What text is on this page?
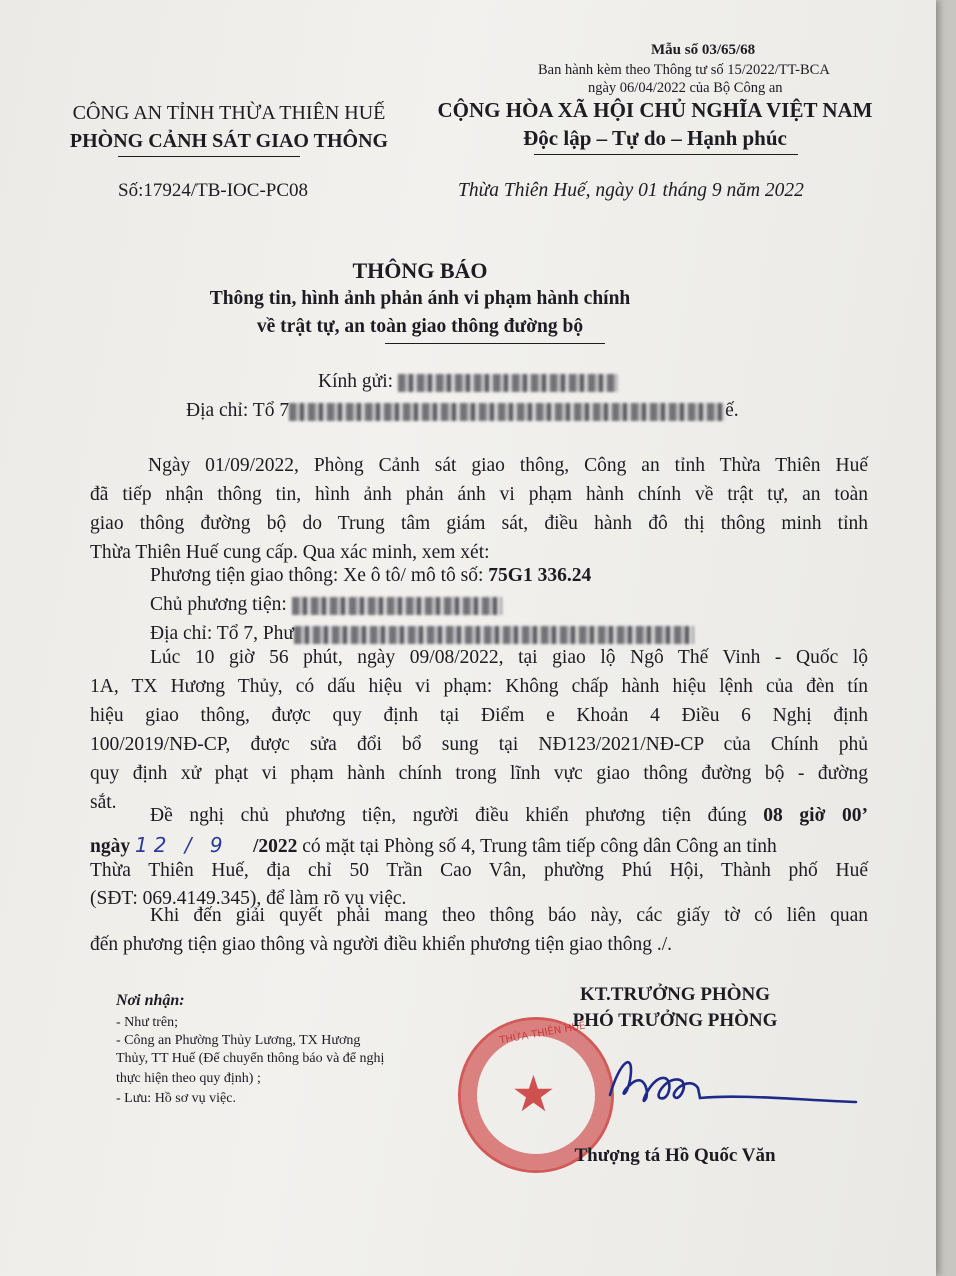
Mẫu số 03/65/68
Ban hành kèm theo Thông tư số 15/2022/TT-BCA
ngày 06/04/2022 của Bộ Công an
CÔNG AN TỈNH THỪA THIÊN HUẾ
PHÒNG CẢNH SÁT GIAO THÔNG
Số:17924/TB-IOC-PC08
CỘNG HÒA XÃ HỘI CHỦ NGHĨA VIỆT NAM
Độc lập – Tự do – Hạnh phúc
Thừa Thiên Huế, ngày 01 tháng 9 năm 2022
THÔNG BÁO
Thông tin, hình ảnh phản ánh vi phạm hành chính
về trật tự, an toàn giao thông đường bộ
Kính gửi:
Địa chỉ: Tổ 7	ế.
Ngày 01/09/2022, Phòng Cảnh sát giao thông, Công an tỉnh Thừa Thiên Huế
đã tiếp nhận thông tin, hình ảnh phản ánh vi phạm hành chính về trật tự, an toàn
giao thông đường bộ do Trung tâm giám sát, điều hành đô thị thông minh tỉnh
Thừa Thiên Huế cung cấp. Qua xác minh, xem xét:
Phương tiện giao thông: Xe ô tô/ mô tô số: 75G1 336.24
Chủ phương tiện:
Địa chỉ: Tổ 7, Phư
Lúc 10 giờ 56 phút, ngày 09/08/2022, tại giao lộ Ngô Thế Vinh - Quốc lộ
1A, TX Hương Thủy, có dấu hiệu vi phạm: Không chấp hành hiệu lệnh của đèn tín
hiệu giao thông, được quy định tại Điểm e Khoản 4 Điều 6 Nghị định
100/2019/NĐ-CP, được sửa đổi bổ sung tại NĐ123/2021/NĐ-CP của Chính phủ
quy định xử phạt vi phạm hành chính trong lĩnh vực giao thông đường bộ - đường
sắt.
Đề nghị chủ phương tiện, người điều khiển phương tiện đúng 08 giờ 00’
ngày 12 / 9 /2022 có mặt tại Phòng số 4, Trung tâm tiếp công dân Công an tỉnh
Thừa Thiên Huế, địa chỉ 50 Trần Cao Vân, phường Phú Hội, Thành phố Huế
(SĐT: 069.4149.345), để làm rõ vụ việc.
Khi đến giải quyết phải mang theo thông báo này, các giấy tờ có liên quan
đến phương tiện giao thông và người điều khiển phương tiện giao thông ./.
Nơi nhận:
- Như trên;
- Công an Phường Thủy Lương, TX Hương
Thủy, TT Huế (Để chuyển thông báo và để nghị
thực hiện theo quy định) ;
- Lưu: Hồ sơ vụ việc.
THỪA THIÊN HUẾ
★
KT.TRƯỞNG PHÒNG
PHÓ TRƯỞNG PHÒNG
Thượng tá Hồ Quốc Văn
